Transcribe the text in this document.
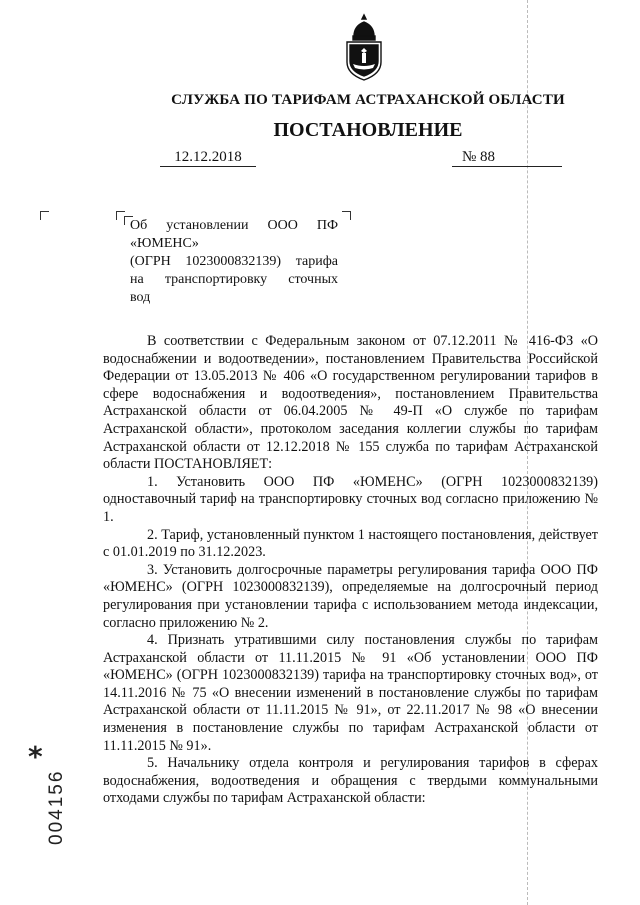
СЛУЖБА ПО ТАРИФАМ АСТРАХАНСКОЙ ОБЛАСТИ
ПОСТАНОВЛЕНИЕ
12.12.2018	№ 88
Об установлении ООО ПФ
«ЮМЕНС»
(ОГРН 1023000832139) тарифа
на транспортировку сточных
вод

В соответствии с Федеральным законом от 07.12.2011 № 416-ФЗ «О водоснабжении и водоотведении», постановлением Правительства Российской Федерации от 13.05.2013 № 406 «О государственном регулировании тарифов в сфере водоснабжения и водоотведения», постановлением Правительства Астраханской области от 06.04.2005 № 49-П «О службе по тарифам Астраханской области», протоколом заседания коллегии службы по тарифам Астраханской области от 12.12.2018 № 155 служба по тарифам Астраханской области ПОСТАНОВЛЯЕТ:

1. Установить ООО ПФ «ЮМЕНС» (ОГРН 1023000832139) одноставочный тариф на транспортировку сточных вод согласно приложению № 1.

2. Тариф, установленный пунктом 1 настоящего постановления, действует с 01.01.2019 по 31.12.2023.

3. Установить долгосрочные параметры регулирования тарифа ООО ПФ «ЮМЕНС» (ОГРН 1023000832139), определяемые на долгосрочный период регулирования при установлении тарифа с использованием метода индексации, согласно приложению № 2.

4. Признать утратившими силу постановления службы по тарифам Астраханской области от 11.11.2015 № 91 «Об установлении ООО ПФ «ЮМЕНС» (ОГРН 1023000832139) тарифа на транспортировку сточных вод», от 14.11.2016 № 75 «О внесении изменений в постановление службы по тарифам Астраханской области от 11.11.2015 № 91», от 22.11.2017 № 98 «О внесении изменения в постановление службы по тарифам Астраханской области от 11.11.2015 № 91».

5. Начальнику отдела контроля и регулирования тарифов в сферах водоснабжения, водоотведения и обращения с твердыми коммунальными отходами службы по тарифам Астраханской области:

*
004156
